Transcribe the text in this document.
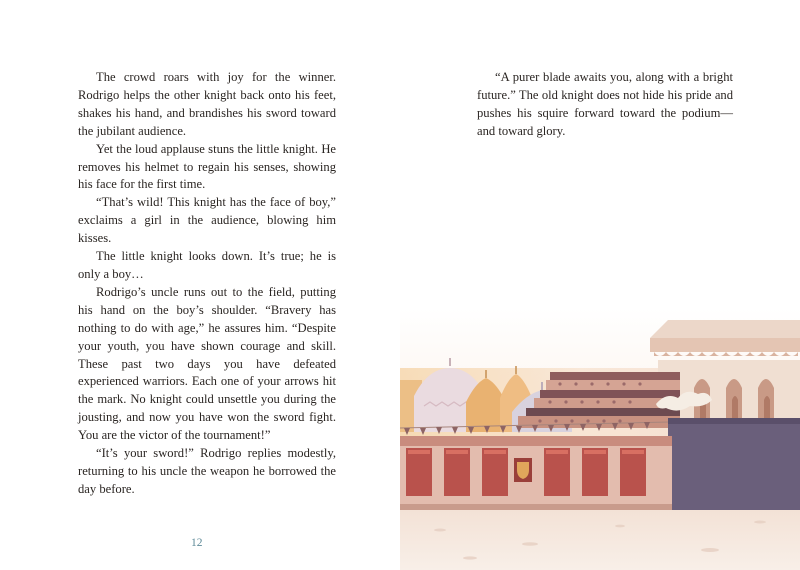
The crowd roars with joy for the winner. Rodrigo helps the other knight back onto his feet, shakes his hand, and brandishes his sword toward the jubilant audience.

Yet the loud applause stuns the little knight. He removes his helmet to regain his senses, showing his face for the first time.

“That’s wild! This knight has the face of boy,” exclaims a girl in the audience, blowing him kisses.

The little knight looks down. It’s true; he is only a boy…

Rodrigo’s uncle runs out to the field, putting his hand on the boy’s shoulder. “Bravery has nothing to do with age,” he assures him. “Despite your youth, you have shown courage and skill. These past two days you have defeated experienced warriors. Each one of your arrows hit the mark. No knight could unsettle you during the jousting, and now you have won the sword fight. You are the victor of the tournament!”

“It’s your sword!” Rodrigo replies modestly, returning to his uncle the weapon he borrowed the day before.

12

“A purer blade awaits you, along with a bright future.” The old knight does not hide his pride and pushes his squire forward toward the podium—and toward glory.
